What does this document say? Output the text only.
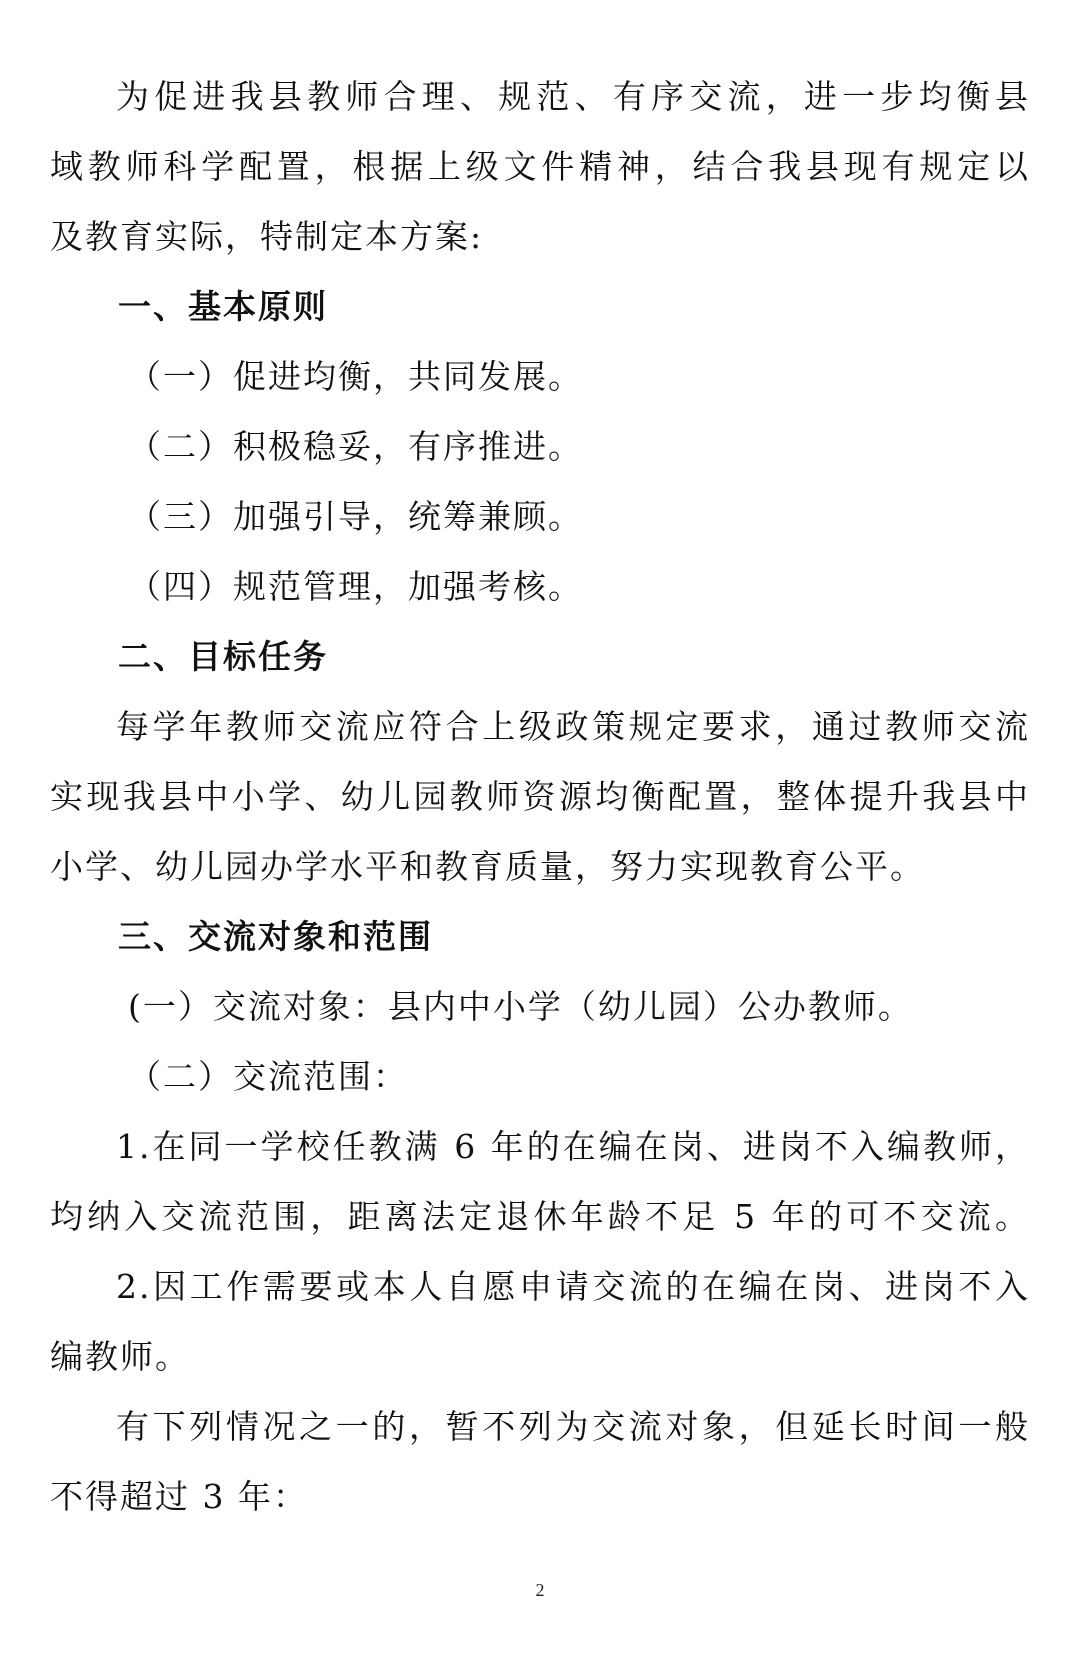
为促进我县教师合理、规范、有序交流，进一步均衡县
域教师科学配置，根据上级文件精神，结合我县现有规定以
及教育实际，特制定本方案:
一、基本原则
（一）促进均衡，共同发展。
（二）积极稳妥，有序推进。
（三）加强引导，统筹兼顾。
（四）规范管理，加强考核。
二、目标任务
每学年教师交流应符合上级政策规定要求，通过教师交流
实现我县中小学、幼儿园教师资源均衡配置，整体提升我县中
小学、幼儿园办学水平和教育质量，努力实现教育公平。
三、交流对象和范围
(一）交流对象：县内中小学（幼儿园）公办教师。
（二）交流范围：
1.在同一学校任教满 6 年的在编在岗、进岗不入编教师，
均纳入交流范围，距离法定退休年龄不足 5 年的可不交流。
2.因工作需要或本人自愿申请交流的在编在岗、进岗不入
编教师。
有下列情况之一的，暂不列为交流对象，但延长时间一般
不得超过 3 年：
2
